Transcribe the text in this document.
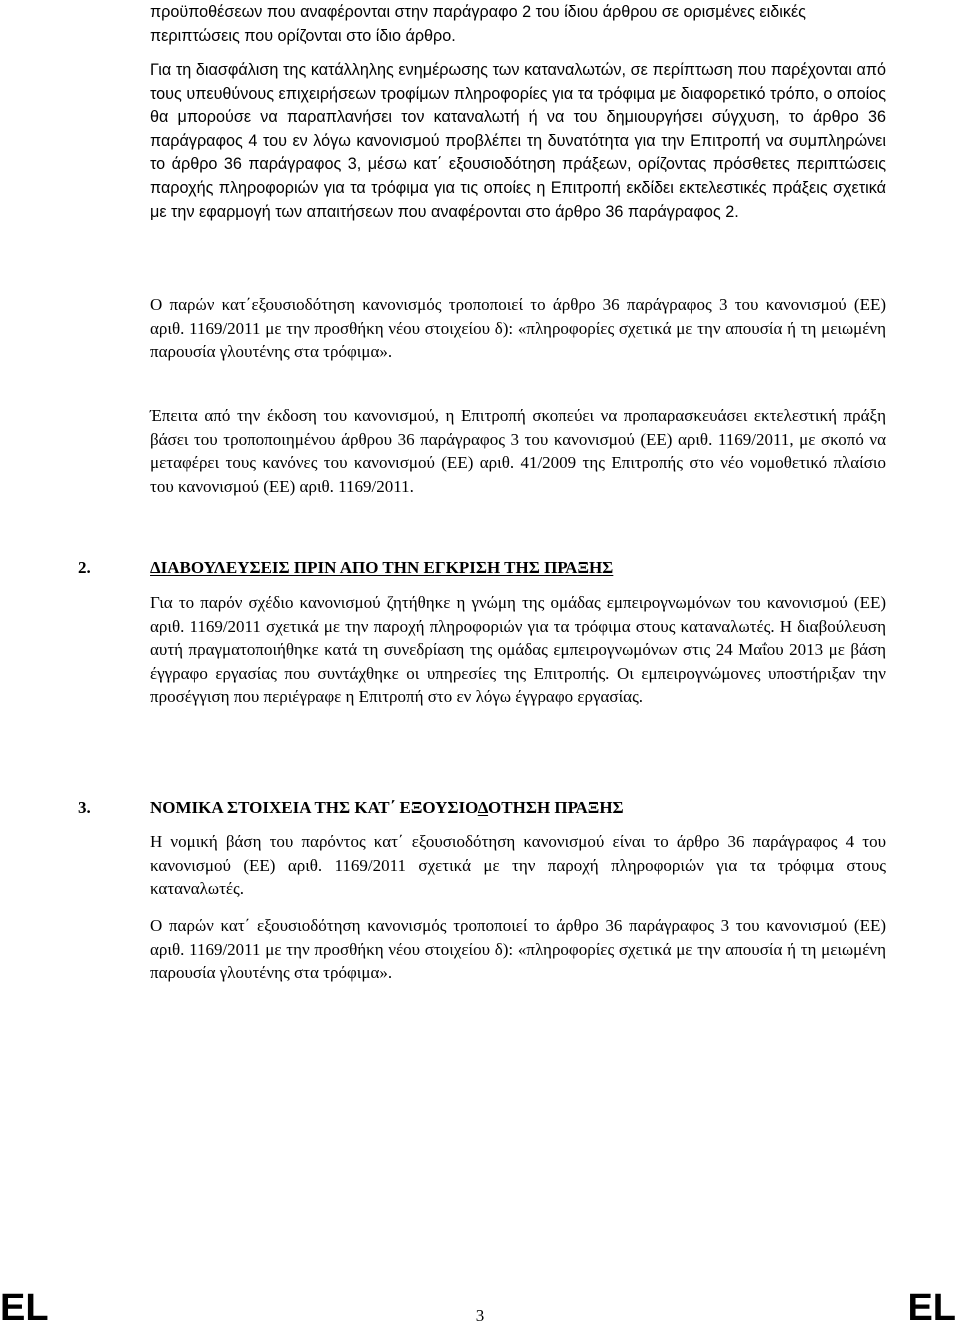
προϋποθέσεων που αναφέρονται στην παράγραφο 2 του ίδιου άρθρου σε ορισμένες ειδικές περιπτώσεις που ορίζονται στο ίδιο άρθρο.

Για τη διασφάλιση της κατάλληλης ενημέρωσης των καταναλωτών, σε περίπτωση που παρέχονται από τους υπευθύνους επιχειρήσεων τροφίμων πληροφορίες για τα τρόφιμα με διαφορετικό τρόπο, ο οποίος θα μπορούσε να παραπλανήσει τον καταναλωτή ή να του δημιουργήσει σύγχυση, το άρθρο 36 παράγραφος 4 του εν λόγω κανονισμού προβλέπει τη δυνατότητα για την Επιτροπή να συμπληρώνει το άρθρο 36 παράγραφος 3, μέσω κατ΄ εξουσιοδότηση πράξεων, ορίζοντας πρόσθετες περιπτώσεις παροχής πληροφοριών για τα τρόφιμα για τις οποίες η Επιτροπή εκδίδει εκτελεστικές πράξεις σχετικά με την εφαρμογή των απαιτήσεων που αναφέρονται στο άρθρο 36 παράγραφος 2.

Ο παρών κατ΄εξουσιοδότηση κανονισμός τροποποιεί το άρθρο 36 παράγραφος 3 του κανονισμού (ΕΕ) αριθ. 1169/2011 με την προσθήκη νέου στοιχείου δ): «πληροφορίες σχετικά με την απουσία ή τη μειωμένη παρουσία γλουτένης στα τρόφιμα».

Έπειτα από την έκδοση του κανονισμού, η Επιτροπή σκοπεύει να προπαρασκευάσει εκτελεστική πράξη βάσει του τροποποιημένου άρθρου 36 παράγραφος 3 του κανονισμού (ΕΕ) αριθ. 1169/2011, με σκοπό να μεταφέρει τους κανόνες του κανονισμού (ΕΕ) αριθ. 41/2009 της Επιτροπής στο νέο νομοθετικό πλαίσιο του κανονισμού (ΕΕ) αριθ. 1169/2011.

Για το παρόν σχέδιο κανονισμού ζητήθηκε η γνώμη της ομάδας εμπειρογνωμόνων του κανονισμού (ΕΕ) αριθ. 1169/2011 σχετικά με την παροχή πληροφοριών για τα τρόφιμα στους καταναλωτές. Η διαβούλευση αυτή πραγματοποιήθηκε κατά τη συνεδρίαση της ομάδας εμπειρογνωμόνων στις 24 Μαΐου 2013 με βάση έγγραφο εργασίας που συντάχθηκε οι υπηρεσίες της Επιτροπής. Οι εμπειρογνώμονες υποστήριξαν την προσέγγιση που περιέγραφε η Επιτροπή στο εν λόγω έγγραφο εργασίας.

Η νομική βάση του παρόντος κατ΄ εξουσιοδότηση κανονισμού είναι το άρθρο 36 παράγραφος 4 του κανονισμού (ΕΕ) αριθ. 1169/2011 σχετικά με την παροχή πληροφοριών για τα τρόφιμα στους καταναλωτές.

Ο παρών κατ΄ εξουσιοδότηση κανονισμός τροποποιεί το άρθρο 36 παράγραφος 3 του κανονισμού (ΕΕ) αριθ. 1169/2011 με την προσθήκη νέου στοιχείου δ): «πληροφορίες σχετικά με την απουσία ή τη μειωμένη παρουσία γλουτένης στα τρόφιμα».

2.	ΔΙΑΒΟΥΛΕΥΣΕΙΣ ΠΡΙΝ ΑΠΟ ΤΗΝ ΕΓΚΡΙΣΗ ΤΗΣ ΠΡΑΞΗΣ
3.	ΝΟΜΙΚΑ ΣΤΟΙΧΕΙΑ ΤΗΣ ΚΑΤ΄ ΕΞΟΥΣΙΟΔΟΤΗΣΗ ΠΡΑΞΗΣ
EL	3	EL
